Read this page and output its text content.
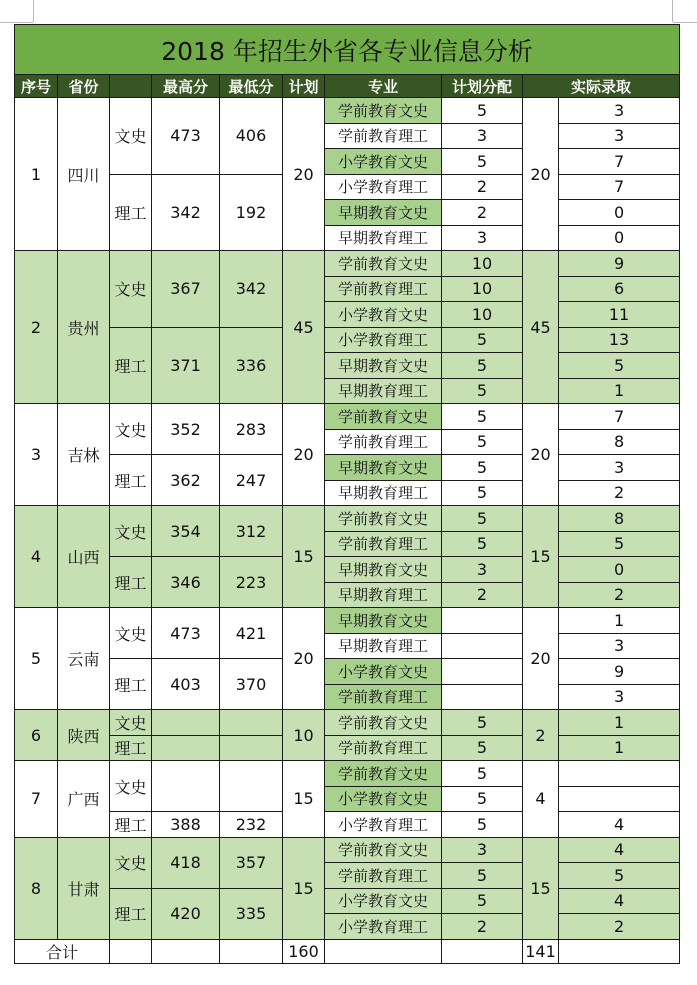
2018 年招生外省各专业信息分析									
序号	省份		最高分	最低分	计划	专业	计划分配	实际录取	
1	四川	文史	473	406	20	学前教育文史	5	20	3
						学前教育理工	3		3
						小学教育文史	5		7
		理工	342	192		小学教育理工	2		7
						早期教育文史	2		0
						早期教育理工	3		0
2	贵州	文史	367	342	45	学前教育文史	10	45	9
						学前教育理工	10		6
						小学教育文史	10		11
		理工	371	336		小学教育理工	5		13
						早期教育文史	5		5
						早期教育理工	5		1
3	吉林	文史	352	283	20	学前教育文史	5	20	7
						学前教育理工	5		8
		理工	362	247		早期教育文史	5		3
						早期教育理工	5		2
4	山西	文史	354	312	15	学前教育文史	5	15	8
						学前教育理工	5		5
		理工	346	223		早期教育文史	3		0
						早期教育理工	2		2
5	云南	文史	473	421	20	早期教育文史		20	1
						早期教育理工			3
		理工	403	370		小学教育文史			9
						学前教育理工			3
6	陕西	文史			10	学前教育文史	5	2	1
		理工				学前教育理工	5		1
7	广西	文史			15	学前教育文史	5	4	
						小学教育文史	5		
		理工	388	232		小学教育理工	5		4
8	甘肃	文史	418	357	15	学前教育文史	3	15	4
						学前教育理工	5		5
		理工	420	335		小学教育文史	5		4
						小学教育理工	2		2
合计					160			141	
